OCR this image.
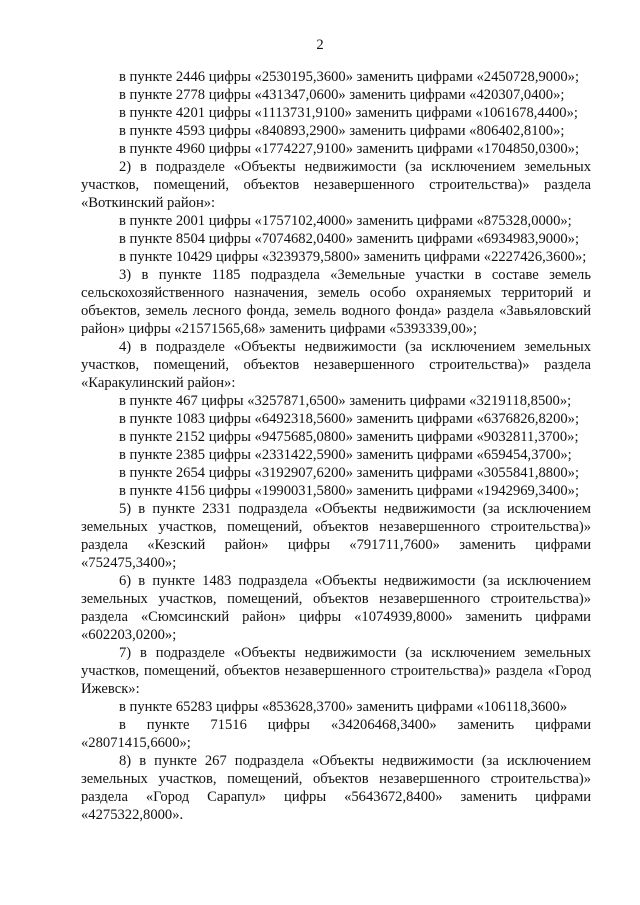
2

в пункте 2446 цифры «2530195,3600» заменить цифрами «2450728,9000»;

в пункте 2778 цифры «431347,0600» заменить цифрами «420307,0400»;

в пункте 4201 цифры «1113731,9100» заменить цифрами «1061678,4400»;

в пункте 4593 цифры «840893,2900» заменить цифрами «806402,8100»;

в пункте 4960 цифры «1774227,9100» заменить цифрами «1704850,0300»;

2) в подразделе «Объекты недвижимости (за исключением земельных участков, помещений, объектов незавершенного строительства)» раздела «Воткинский район»:

в пункте 2001 цифры «1757102,4000» заменить цифрами «875328,0000»;

в пункте 8504 цифры «7074682,0400» заменить цифрами «6934983,9000»;

в пункте 10429 цифры «3239379,5800» заменить цифрами «2227426,3600»;

3) в пункте 1185 подраздела «Земельные участки в составе земель сельскохозяйственного назначения, земель особо охраняемых территорий и объектов, земель лесного фонда, земель водного фонда» раздела «Завьяловский район» цифры «21571565,68» заменить цифрами «5393339,00»;

4) в подразделе «Объекты недвижимости (за исключением земельных участков, помещений, объектов незавершенного строительства)» раздела «Каракулинский район»:

в пункте 467 цифры «3257871,6500» заменить цифрами «3219118,8500»;

в пункте 1083 цифры «6492318,5600» заменить цифрами «6376826,8200»;

в пункте 2152 цифры «9475685,0800» заменить цифрами «9032811,3700»;

в пункте 2385 цифры «2331422,5900» заменить цифрами «659454,3700»;

в пункте 2654 цифры «3192907,6200» заменить цифрами «3055841,8800»;

в пункте 4156 цифры «1990031,5800» заменить цифрами «1942969,3400»;

5) в пункте 2331 подраздела «Объекты недвижимости (за исключением земельных участков, помещений, объектов незавершенного строительства)» раздела «Кезский район» цифры «791711,7600» заменить цифрами «752475,3400»;

6) в пункте 1483 подраздела «Объекты недвижимости (за исключением земельных участков, помещений, объектов незавершенного строительства)» раздела «Сюмсинский район» цифры «1074939,8000» заменить цифрами «602203,0200»;

7) в подразделе «Объекты недвижимости (за исключением земельных участков, помещений, объектов незавершенного строительства)» раздела «Город Ижевск»:

в пункте 65283 цифры «853628,3700» заменить цифрами «106118,3600»

в пункте 71516 цифры «34206468,3400» заменить цифрами «28071415,6600»;

8) в пункте 267 подраздела «Объекты недвижимости (за исключением земельных участков, помещений, объектов незавершенного строительства)» раздела «Город Сарапул» цифры «5643672,8400» заменить цифрами «4275322,8000».
